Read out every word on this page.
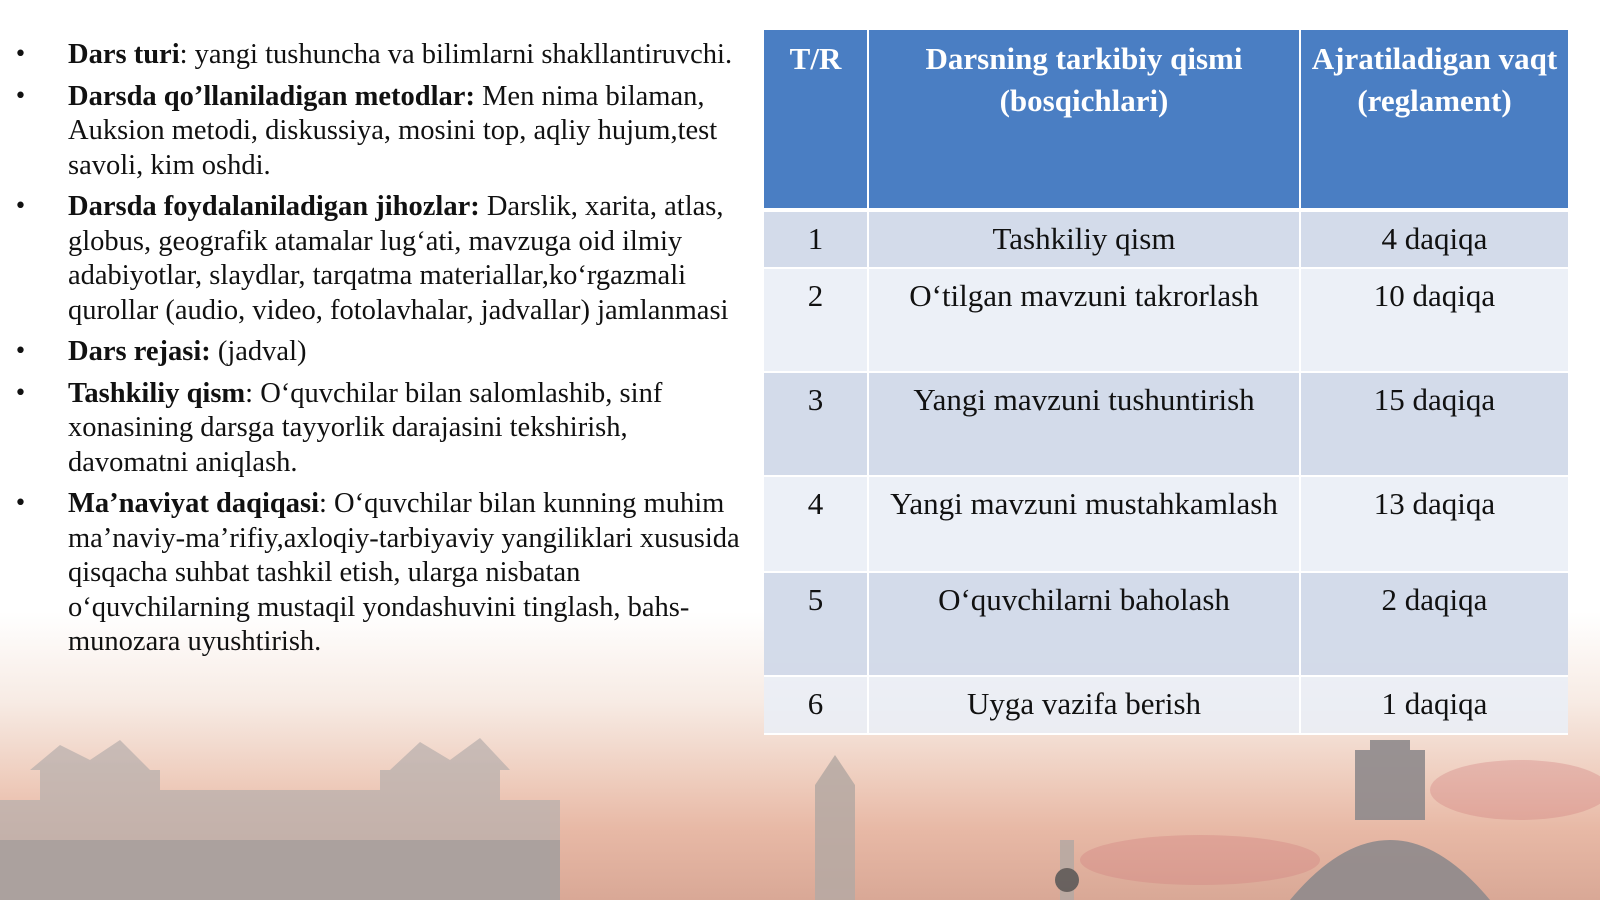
• Dars turi: yangi tushuncha va bilimlarni shakllantiruvchi.
• Darsda qo’llaniladigan metodlar: Men nima bilaman, Auksion metodi, diskussiya, mosini top, aqliy hujum,test savoli, kim oshdi.
• Darsda foydalaniladigan jihozlar: Darslik, xarita, atlas, globus, geografik atamalar lug‘ati, mavzuga oid ilmiy adabiyotlar, slaydlar, tarqatma materiallar,ko‘rgazmali qurollar (audio, video, fotolavhalar, jadvallar) jamlanmasi
• Dars rejasi: (jadval)
• Tashkiliy qism: O‘quvchilar bilan salomlashib, sinf xonasining darsga tayyorlik darajasini tekshirish, davomatni aniqlash.
• Ma’naviyat daqiqasi: O‘quvchilar bilan kunning muhim ma’naviy-ma’rifiy,axloqiy-tarbiyaviy yangiliklari xususida qisqacha suhbat tashkil etish, ularga nisbatan o‘quvchilarning mustaqil yondashuvini tinglash, bahs-munozara uyushtirish.
T/R	Darsning tarkibiy qismi (bosqichlari)	Ajratiladigan vaqt (reglament)
1	Tashkiliy qism	4 daqiqa
2	O‘tilgan mavzuni takrorlash	10 daqiqa
3	Yangi mavzuni tushuntirish	15 daqiqa
4	Yangi mavzuni mustahkamlash	13 daqiqa
5	O‘quvchilarni baholash	2 daqiqa
6	Uyga vazifa berish	1 daqiqa
